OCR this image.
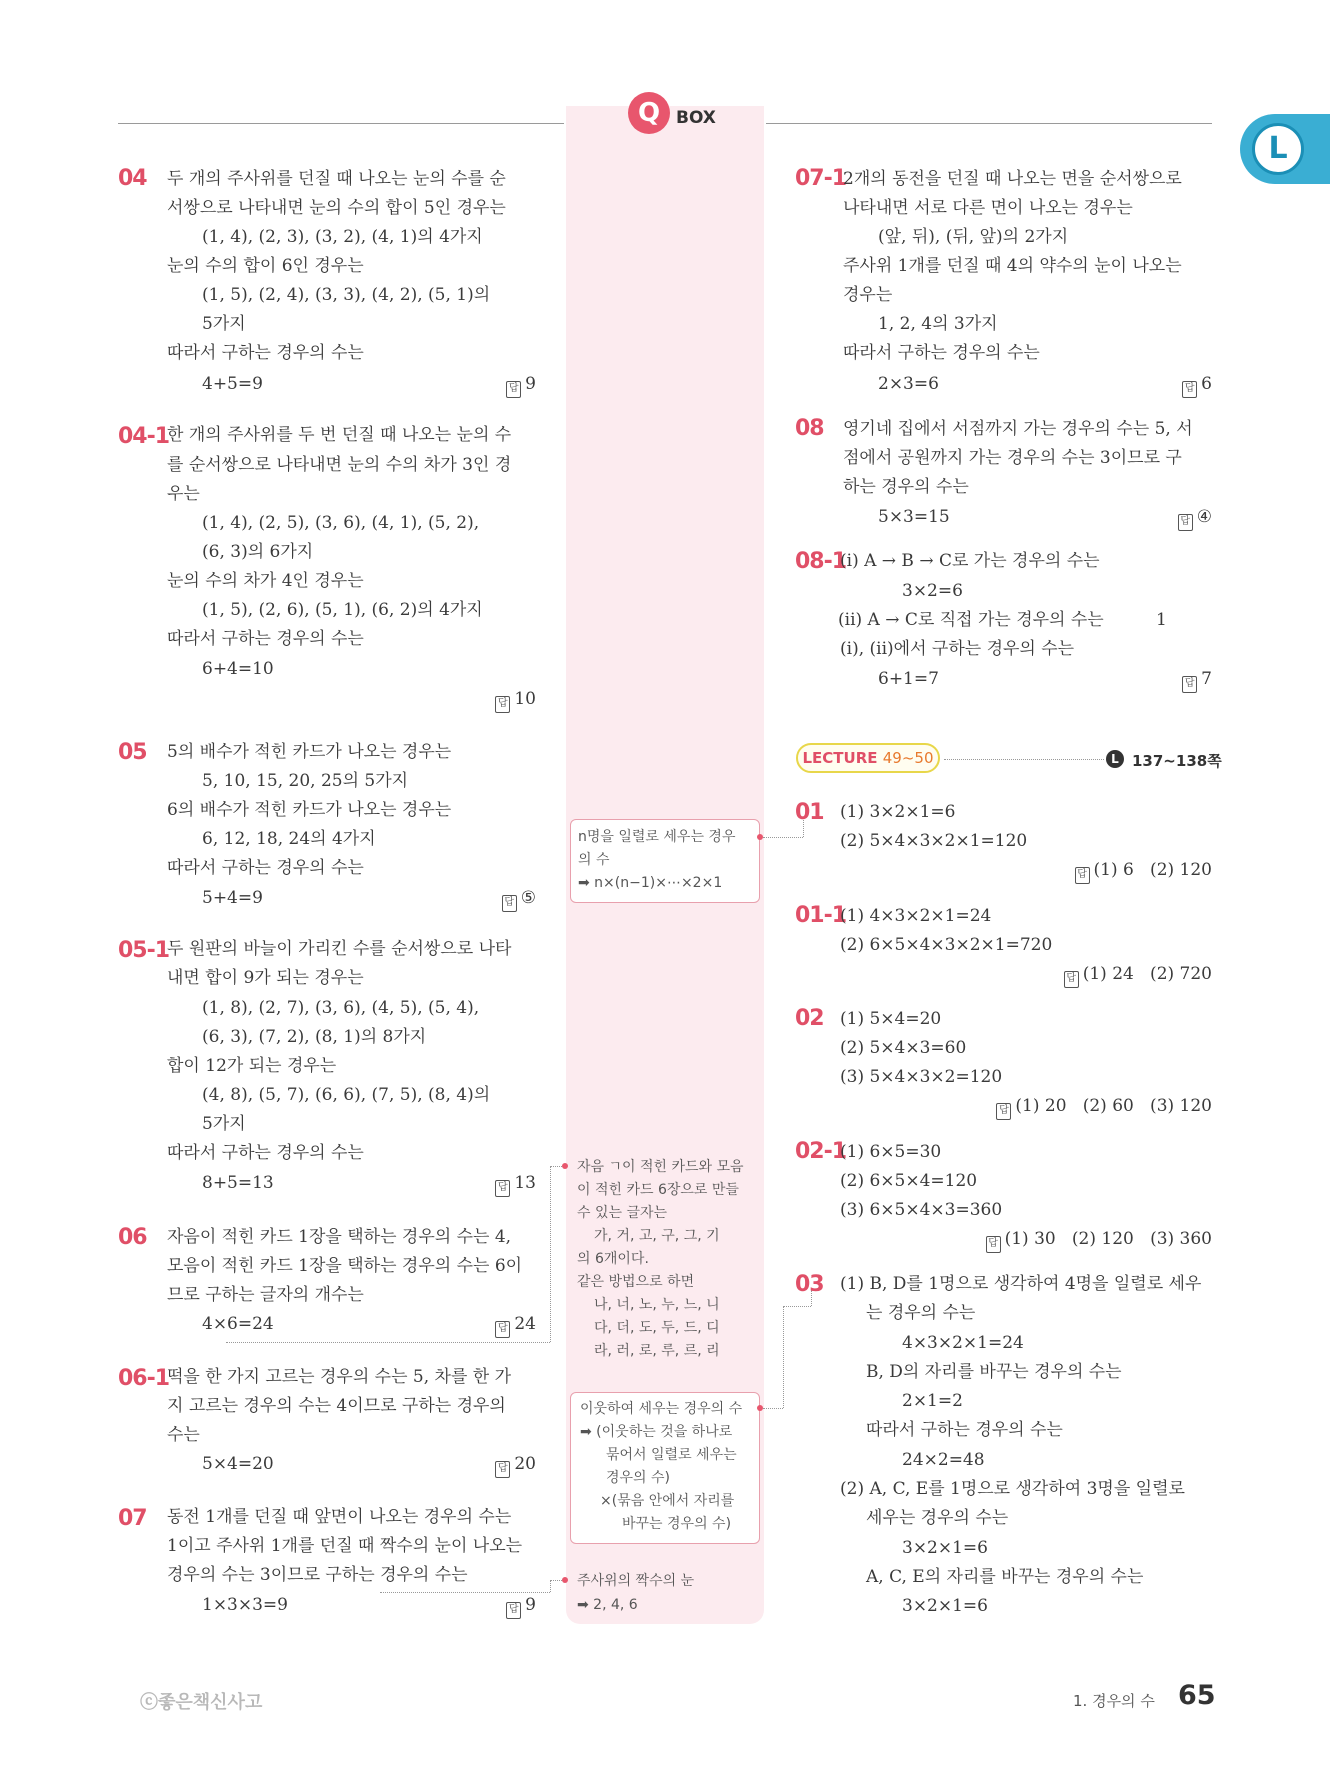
Q BOX
L
04 두 개의 주사위를 던질 때 나오는 눈의 수를 순
서쌍으로 나타내면 눈의 수의 합이 5인 경우는
(1, 4), (2, 3), (3, 2), (4, 1)의 4가지
눈의 수의 합이 6인 경우는
(1, 5), (2, 4), (3, 3), (4, 2), (5, 1)의
5가지
따라서 구하는 경우의 수는
4+5=9	답 9
04-1
한 개의 주사위를 두 번 던질 때 나오는 눈의 수
를 순서쌍으로 나타내면 눈의 수의 차가 3인 경
우는
(1, 4), (2, 5), (3, 6), (4, 1), (5, 2),
(6, 3)의 6가지
눈의 수의 차가 4인 경우는
(1, 5), (2, 6), (5, 1), (6, 2)의 4가지
따라서 구하는 경우의 수는
6+4=10
답 10
05 5의 배수가 적힌 카드가 나오는 경우는
5, 10, 15, 20, 25의 5가지
6의 배수가 적힌 카드가 나오는 경우는
6, 12, 18, 24의 4가지
따라서 구하는 경우의 수는
5+4=9	답 ⑤
05-1
두 원판의 바늘이 가리킨 수를 순서쌍으로 나타
내면 합이 9가 되는 경우는
(1, 8), (2, 7), (3, 6), (4, 5), (5, 4),
(6, 3), (7, 2), (8, 1)의 8가지
합이 12가 되는 경우는
(4, 8), (5, 7), (6, 6), (7, 5), (8, 4)의
5가지
따라서 구하는 경우의 수는
8+5=13	답 13
06 자음이 적힌 카드 1장을 택하는 경우의 수는 4,
모음이 적힌 카드 1장을 택하는 경우의 수는 6이
므로 구하는 글자의 개수는
4×6=24	답 24
06-1
떡을 한 가지 고르는 경우의 수는 5, 차를 한 가
지 고르는 경우의 수는 4이므로 구하는 경우의
수는
5×4=20	답 20
07 동전 1개를 던질 때 앞면이 나오는 경우의 수는
1이고 주사위 1개를 던질 때 짝수의 눈이 나오는
경우의 수는 3이므로 구하는 경우의 수는
1×3×3=9	답 9
n명을 일렬로 세우는 경우
의 수
➡ n×(n−1)×⋯×2×1
자음 ㄱ이 적힌 카드와 모음
이 적힌 카드 6장으로 만들
수 있는 글자는
가, 거, 고, 구, 그, 기
의 6개이다.
같은 방법으로 하면
나, 너, 노, 누, 느, 니
다, 더, 도, 두, 드, 디
라, 러, 로, 루, 르, 리
이웃하여 세우는 경우의 수
➡ (이웃하는 것을 하나로
묶어서 일렬로 세우는
경우의 수)
×(묶음 안에서 자리를
바꾸는 경우의 수)
주사위의 짝수의 눈
➡ 2, 4, 6
07-1
2개의 동전을 던질 때 나오는 면을 순서쌍으로
나타내면 서로 다른 면이 나오는 경우는
(앞, 뒤), (뒤, 앞)의 2가지
주사위 1개를 던질 때 4의 약수의 눈이 나오는
경우는
1, 2, 4의 3가지
따라서 구하는 경우의 수는
2×3=6	답 6
08 영기네 집에서 서점까지 가는 경우의 수는 5, 서
점에서 공원까지 가는 경우의 수는 3이므로 구
하는 경우의 수는
5×3=15	답 ④
08-1
(i) A → B → C로 가는 경우의 수는
3×2=6
(ii) A → C로 직접 가는 경우의 수는	1
(i), (ii)에서 구하는 경우의 수는
6+1=7	답 7
LECTURE 49~50	L 137~138쪽
01 (1) 3×2×1=6
(2) 5×4×3×2×1=120
답 (1) 6   (2) 120
01-1
(1) 4×3×2×1=24
(2) 6×5×4×3×2×1=720
답 (1) 24   (2) 720
02 (1) 5×4=20
(2) 5×4×3=60
(3) 5×4×3×2=120
답 (1) 20   (2) 60   (3) 120
02-1
(1) 6×5=30
(2) 6×5×4=120
(3) 6×5×4×3=360
답 (1) 30   (2) 120   (3) 360
03 (1) B, D를 1명으로 생각하여 4명을 일렬로 세우
는 경우의 수는
4×3×2×1=24
B, D의 자리를 바꾸는 경우의 수는
2×1=2
따라서 구하는 경우의 수는
24×2=48
(2) A, C, E를 1명으로 생각하여 3명을 일렬로
세우는 경우의 수는
3×2×1=6
A, C, E의 자리를 바꾸는 경우의 수는
3×2×1=6
ⓒ좋은책신사고	1. 경우의 수 65
